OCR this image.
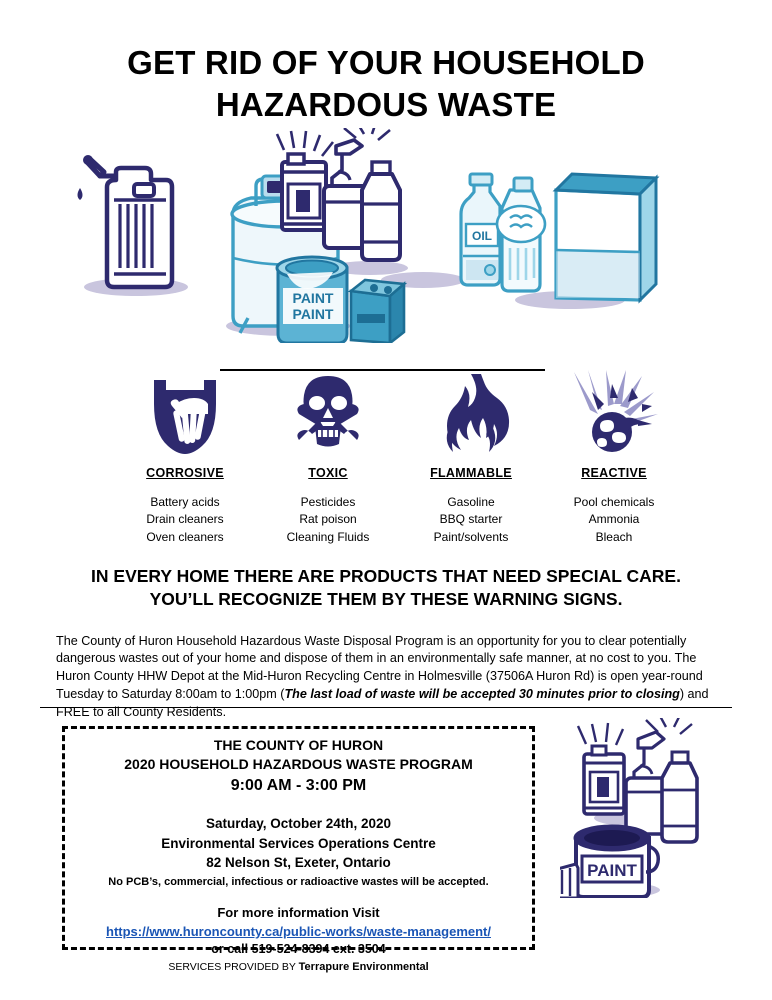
GET RID OF YOUR HOUSEHOLD
HAZARDOUS WASTE
PAINT
PAINT
OIL
CORROSIVE
Battery acids
Drain cleaners
Oven cleaners
TOXIC
Pesticides
Rat poison
Cleaning Fluids
FLAMMABLE
Gasoline
BBQ starter
Paint/solvents
REACTIVE
Pool chemicals
Ammonia
Bleach
IN EVERY HOME THERE ARE PRODUCTS THAT NEED SPECIAL CARE.
YOU’LL RECOGNIZE THEM BY THESE WARNING SIGNS.

The County of Huron Household Hazardous Waste Disposal Program is an opportunity for you to clear potentially dangerous wastes out of your home and dispose of them in an environmentally safe manner, at no cost to you. The Huron County HHW Depot at the Mid-Huron Recycling Centre in Holmesville (37506A Huron Rd) is open year-round Tuesday to Saturday 8:00am to 1:00pm (The last load of waste will be accepted 30 minutes prior to closing) and FREE to all County Residents.

THE COUNTY OF HURON
2020 HOUSEHOLD HAZARDOUS WASTE PROGRAM
9:00 AM - 3:00 PM
Saturday, October 24th, 2020
Environmental Services Operations Centre
82 Nelson St, Exeter, Ontario
No PCB’s, commercial, infectious or radioactive wastes will be accepted.
For more information Visit
https://www.huroncounty.ca/public-works/waste-management/
or call 519-524-8394 ext. 3504
SERVICES PROVIDED BY Terrapure Environmental
PAINT
